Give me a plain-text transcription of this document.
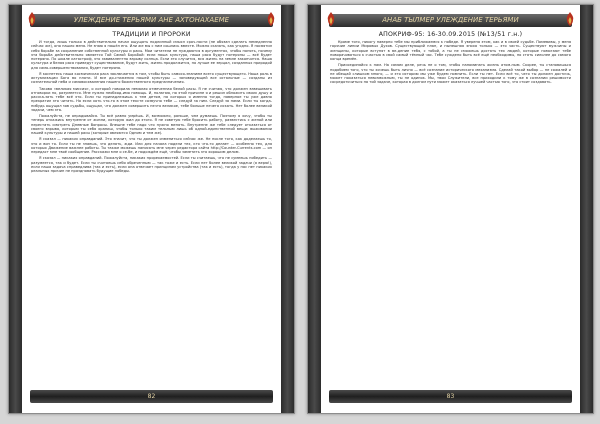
УЛЕЖДЕНИЕ ТЕРЬЯМИ АНЕ АХТОНАХАЕМЕ
ТРАДИЦИИ И ПРОРОКИ

И тогда, лишь только в действительно начал ощущать подлинный смысл сроч-ности (не обязан сделать немедленно сейчас же), оно нашло меня. Не знаю я нашёл его. Или же мы с ним сошлись вместе. Можно сказать, как угодно. Я посвятил себя борьбе за сохранение собственной культуры и расы. Мои читатели не нуждаются в аргументах, чтобы понять, почему эта борьба действительно является Той Самой Борьбой: если наша культура, наша раса будут потеряны — всё будет потеряно. По шкале катастроф, это эквивалентно взрыву солнца. Если это случится, вся жизнь на земле закончится. Наша культура и белая раса приведут существование, будут жить, жизнь продолжится, но лучше ее зерцал, созданных природой для само-совершенствования, будет потеряна.

Я коснетесь наша космическая раса заключается в том, чтобы быть самосо-знанием всего существующего. Наша роль в актуализации Бога во плоти. И все до-стижения нашей культуры — заповедующей все остальные — созданы из сознательной неба и самовосхваления нашего божественного предназначения.

Такова «великая миссия», о которой говорила немалая отмеченная белой расы. Я не считаю, что должен взвешивать отговорки по, разумеется. Мне нужно необход-имо помощь. И, полагаю, по этой причине я и решил обложить своих душу и расска-зать тебе всё это. Если ты принадлежишь к тем детям, на которых я именно тогда, наверное ты уже давно прекратил это читать. Но если хоть что-то в этом тексте созвучно тебе — следуй за ним. Следуй за нами. Если ты когда-нибудь ощущал зов судьбы, ощущал, что должен совершить нечто великое, тебе больше нечего искать. Нет более великой задачи, чем эта.

Пожалуйста, не опрадывайся. Ты всё равно умрёшь. И, возможно, раньше, чем думаешь. Поэтому я хочу, чтобы ты теперь откажись внутренне от жизни, которую жил до этого. Я не советую тебе бросить работу, развестись с женой или перестать смотреть Дневные Вопросы. Внешне тебе надо что нужно менять. Внутренне же тебе следует отказаться от своего взрыва, которым ты себя храниш, чтобы только таким тельным лишь об одной-единственной вещи: выживании нашей культуры и нашей расы (которые являются Одним и тем же).

Я сказал — никаких оправданий. Это значит, что ты должен измениться сейчас же. Не после того, как доделаешь то, это и вон то. Если ты не знаешь, что делать, жди. Или для начала подели тех, кто что-то делает — особенно тех, для которых Движение важнее работы. Ты также можешь написать мне через редактора сайта http://Counter-Currents.com — он передаст мне твоё сообщение. Расскажи мне о се-бе, и подождём ещё, чтобы заметить это хорошим делом.

Я сказал — никаких оправданий. Пожалуйста, никаких прорекаемостей. Если ты считаешь, что не сумеешь победить — разумеется, так и будет. Если ты считаешь себя обреченным — так тоже и есть. Если нет более великой задачи (я верю!), если наша задача справедлива (так и есть), если она отвечает принципам устройства (так и есть), тогда у нас нет никаких реальных причин не праздновать будущие победы.

82
АНАБ ТЫЛМЕР УЛЕЖДЕНИЕ ТЕРЬЯМИ
АПОКРИФ-95: 16-30.09.2015 (№13/51 г.н.)

Кроме того, никогу наверно тебе мы приближаемся к победе. Я уверена этом, как и в своей судьбе. Помевивы, у меня горячие линии Мировых Духов. Существующий план, и нынешняя эпоха только — это часть. Существуют мужчины и женщины, которые вступят в ве-дение тебя, с тобой, а ты не сможешь достать тех людей, которые помогают тебе поворачиваться к счастью в свой самый тёмный час. Тебе суждено быть всё ещё необходимы, но стать сильнее до самого конца времён.

Присоединяйся к нам. На самом деле, речь не о том, чтобы напоминать жизнь атом-ным. Скорее, ты становишься подобием того, что ты хочешь быть лично — всё сознание исторического механизма. Сделай такой выбор — не сожалей и не обещай слишком много, — и это историю мы уже будем помнить. Если ты нет. Если всё то, чего ты должен достичь, может показаться невозможным, ты не одинок. Мы, твои Служители, все приходили к тому же в сознании решимости сосредоточиться на той задаче, которая в долгом пути может оказаться лучшей частью того, что стоит создавать.

83
